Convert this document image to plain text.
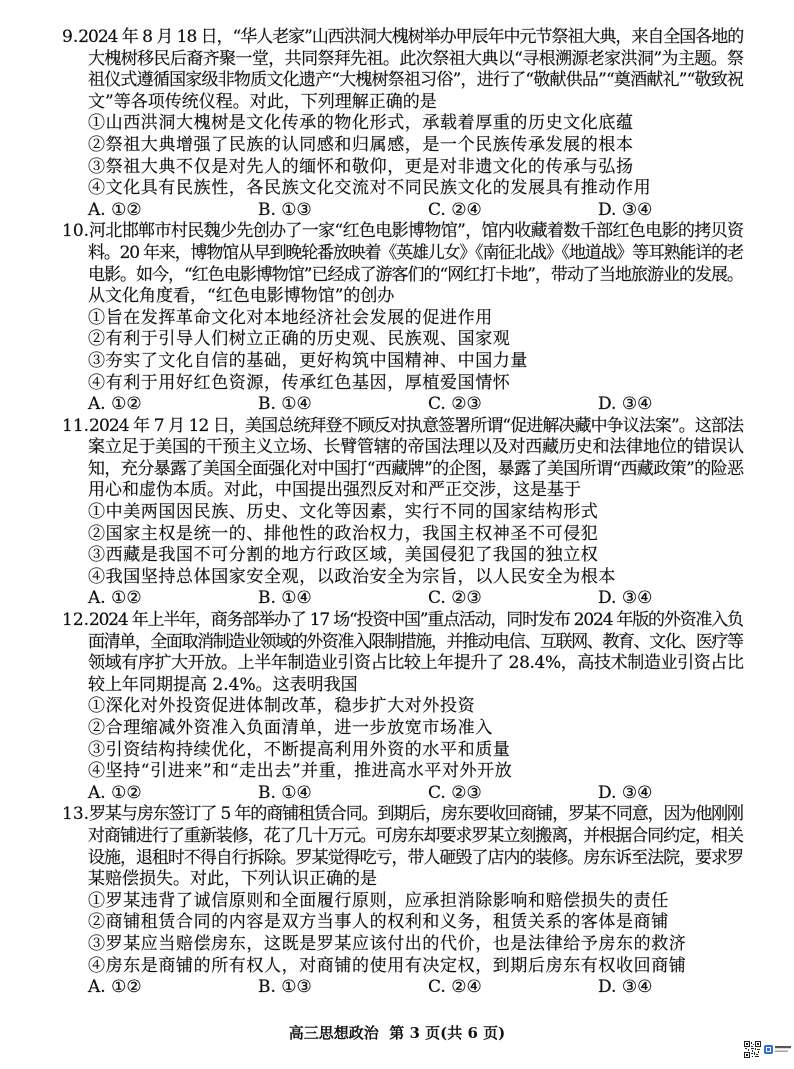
9. 2024 年 8 月 18 日，“华人老家”山西洪洞大槐树举办甲辰年中元节祭祖大典，来自全国各地的
大槐树移民后裔齐聚一堂，共同祭拜先祖。此次祭祖大典以“寻根溯源老家洪洞”为主题。祭
祖仪式遵循国家级非物质文化遗产“大槐树祭祖习俗”，进行了“敬献供品”“奠酒献礼”“敬致祝
文”等各项传统仪程。对此，下列理解正确的是
①山西洪洞大槐树是文化传承的物化形式，承载着厚重的历史文化底蕴
②祭祖大典增强了民族的认同感和归属感，是一个民族传承发展的根本
③祭祖大典不仅是对先人的缅怀和敬仰，更是对非遗文化的传承与弘扬
④文化具有民族性，各民族文化交流对不同民族文化的发展具有推动作用
A. ①②	B. ①③	C. ②④	D. ③④
10. 河北邯郸市村民魏少先创办了一家“红色电影博物馆”，馆内收藏着数千部红色电影的拷贝资
料。20 年来，博物馆从早到晚轮番放映着《英雄儿女》《南征北战》《地道战》等耳熟能详的老
电影。如今，“红色电影博物馆”已经成了游客们的“网红打卡地”，带动了当地旅游业的发展。
从文化角度看，“红色电影博物馆”的创办
①旨在发挥革命文化对本地经济社会发展的促进作用
②有利于引导人们树立正确的历史观、民族观、国家观
③夯实了文化自信的基础，更好构筑中国精神、中国力量
④有利于用好红色资源，传承红色基因，厚植爱国情怀
A. ①②	B. ①④	C. ②③	D. ③④
11. 2024 年 7 月 12 日，美国总统拜登不顾反对执意签署所谓“促进解决藏中争议法案”。这部法
案立足于美国的干预主义立场、长臂管辖的帝国法理以及对西藏历史和法律地位的错误认
知，充分暴露了美国全面强化对中国打“西藏牌”的企图，暴露了美国所谓“西藏政策”的险恶
用心和虚伪本质。对此，中国提出强烈反对和严正交涉，这是基于
①中美两国因民族、历史、文化等因素，实行不同的国家结构形式
②国家主权是统一的、排他性的政治权力，我国主权神圣不可侵犯
③西藏是我国不可分割的地方行政区域，美国侵犯了我国的独立权
④我国坚持总体国家安全观，以政治安全为宗旨，以人民安全为根本
A. ①②	B. ①④	C. ②③	D. ③④
12. 2024 年上半年，商务部举办了 17 场“投资中国”重点活动，同时发布 2024 年版的外资准入负
面清单，全面取消制造业领域的外资准入限制措施，并推动电信、互联网、教育、文化、医疗等
领域有序扩大开放。上半年制造业引资占比较上年提升了 28.4%，高技术制造业引资占比
较上年同期提高 2.4%。这表明我国
①深化对外投资促进体制改革，稳步扩大对外投资
②合理缩减外资准入负面清单，进一步放宽市场准入
③引资结构持续优化，不断提高利用外资的水平和质量
④坚持“引进来”和“走出去”并重，推进高水平对外开放
A. ①②	B. ①④	C. ②③	D. ③④
13. 罗某与房东签订了 5 年的商铺租赁合同。到期后，房东要收回商铺，罗某不同意，因为他刚刚
对商铺进行了重新装修，花了几十万元。可房东却要求罗某立刻搬离，并根据合同约定，相关
设施，退租时不得自行拆除。罗某觉得吃亏，带人砸毁了店内的装修。房东诉至法院，要求罗
某赔偿损失。对此，下列认识正确的是
①罗某违背了诚信原则和全面履行原则，应承担消除影响和赔偿损失的责任
②商铺租赁合同的内容是双方当事人的权利和义务，租赁关系的客体是商铺
③罗某应当赔偿房东，这既是罗某应该付出的代价，也是法律给予房东的救济
④房东是商铺的所有权人，对商铺的使用有决定权，到期后房东有权收回商铺
A. ①②	B. ①③	C. ②④	D. ③④
高三思想政治  第 3 页(共 6 页)
